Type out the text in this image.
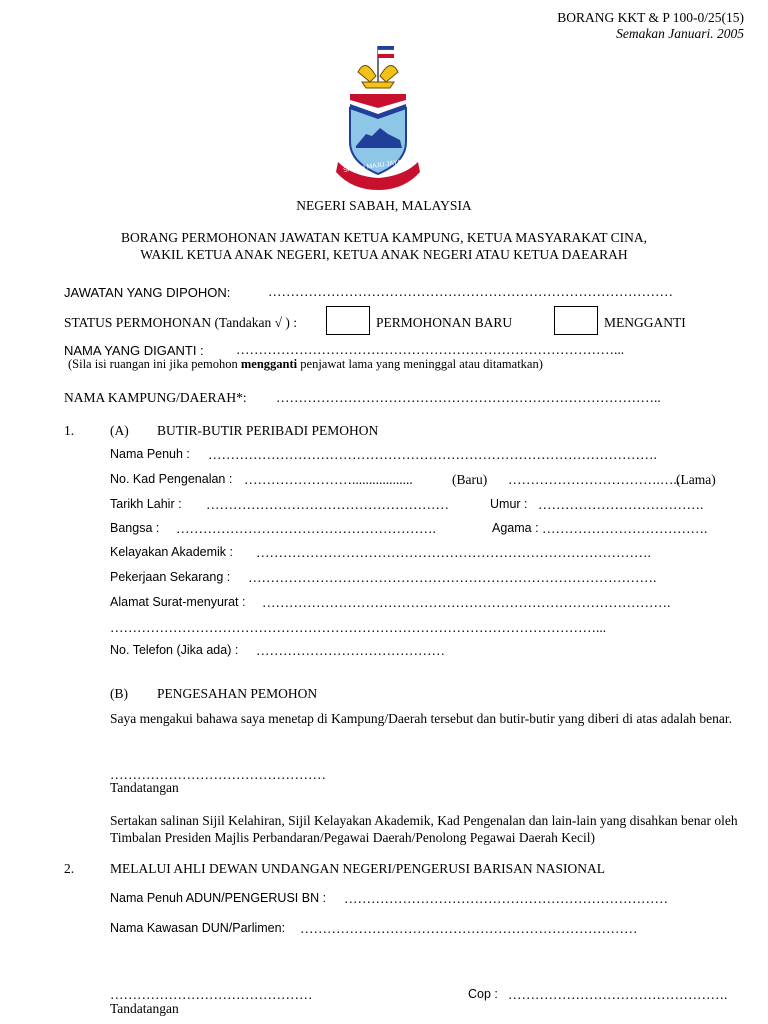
BORANG KKT & P 100-0/25(15)
Semakan Januari. 2005
SABAH MAJU JAYA
NEGERI SABAH, MALAYSIA
BORANG PERMOHONAN JAWATAN KETUA KAMPUNG, KETUA MASYARAKAT CINA,
WAKIL KETUA ANAK NEGERI, KETUA ANAK NEGERI ATAU KETUA DAEARAH
JAWATAN YANG DIPOHON:	………………………………………………………………………………
STATUS PERMOHONAN (Tandakan √ ) :	PERMOHONAN BARU	MENGGANTI
NAMA YANG DIGANTI : …………………………………………………………………………...
(Sila isi ruangan ini jika pemohon mengganti penjawat lama yang meninggal atau ditamatkan)
NAMA KAMPUNG/DAERAH*: …………………………………………………………………………..
1.	(A) BUTIR-BUTIR PERIBADI PEMOHON
Nama Penuh : ……………………………………………………………………………………….
No. Kad Pengenalan : ……………………..................	(Baru) …………………………….…..
(Lama)
Tarikh Lahir : ………………………………………………	Umur : ……………………………….
Bangsa : ………………………………………………….	Agama : ……………………………….
Kelayakan Akademik : …………………………………………………………………………….
Pekerjaan Sekarang : ……………………………………………………………………………….
Alamat Surat-menyurat : ……………………………………………………………………………….
………………………………………………………………………………………………...
No. Telefon (Jika ada) : ……………………………………
(B) PENGESAHAN PEMOHON
Saya mengakui bahawa saya menetap di Kampung/Daerah tersebut dan butir-butir yang diberi di atas adalah benar.
…………………………………………
Tandatangan
Sertakan salinan Sijil Kelahiran, Sijil Kelayakan Akademik, Kad Pengenalan dan lain-lain yang disahkan benar oleh Timbalan Presiden Majlis Perbandaran/Pegawai Daerah/Penolong Pegawai Daerah Kecil)
2.	MELALUI AHLI DEWAN UNDANGAN NEGERI/PENGERUSI BARISAN NASIONAL
Nama Penuh ADUN/PENGERUSI BN : ………………………………………………………………
Nama Kawasan DUN/Parlimen: …………………………………………………………………
………………………………………	Cop : ………………………………………….
Tandatangan
